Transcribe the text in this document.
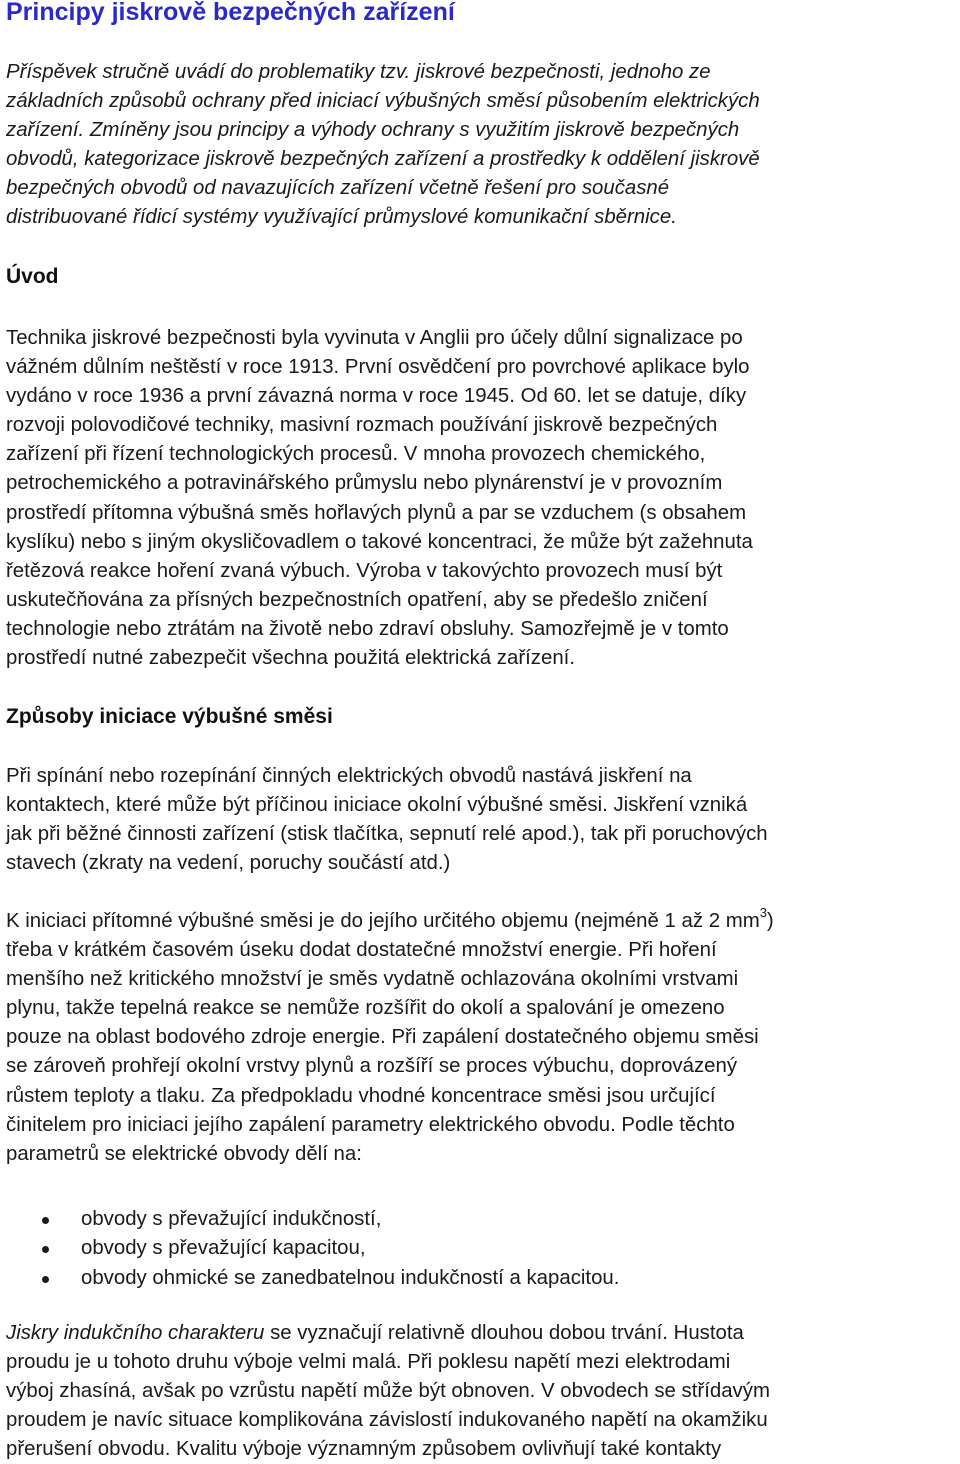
Principy jiskrově bezpečných zařízení
Příspěvek stručně uvádí do problematiky tzv. jiskrové bezpečnosti, jednoho ze
základních způsobů ochrany před iniciací výbušných směsí působením elektrických
zařízení. Zmíněny jsou principy a výhody ochrany s využitím jiskrově bezpečných
obvodů, kategorizace jiskrově bezpečných zařízení a prostředky k oddělení jiskrově
bezpečných obvodů od navazujících zařízení včetně řešení pro současné
distribuované řídicí systémy využívající průmyslové komunikační sběrnice.
Úvod
Technika jiskrové bezpečnosti byla vyvinuta v Anglii pro účely důlní signalizace po
vážném důlním neštěstí v roce 1913. První osvědčení pro povrchové aplikace bylo
vydáno v roce 1936 a první závazná norma v roce 1945. Od 60. let se datuje, díky
rozvoji polovodičové techniky, masivní rozmach používání jiskrově bezpečných
zařízení při řízení technologických procesů. V mnoha provozech chemického,
petrochemického a potravinářského průmyslu nebo plynárenství je v provozním
prostředí přítomna výbušná směs hořlavých plynů a par se vzduchem (s obsahem
kyslíku) nebo s jiným okysličovadlem o takové koncentraci, že může být zažehnuta
řetězová reakce hoření zvaná výbuch. Výroba v takovýchto provozech musí být
uskutečňována za přísných bezpečnostních opatření, aby se předešlo zničení
technologie nebo ztrátám na životě nebo zdraví obsluhy. Samozřejmě je v tomto
prostředí nutné zabezpečit všechna použitá elektrická zařízení.
Způsoby iniciace výbušné směsi
Při spínání nebo rozepínání činných elektrických obvodů nastává jiskření na
kontaktech, které může být příčinou iniciace okolní výbušné směsi. Jiskření vzniká
jak při běžné činnosti zařízení (stisk tlačítka, sepnutí relé apod.), tak při poruchových
stavech (zkraty na vedení, poruchy součástí atd.)
K iniciaci přítomné výbušné směsi je do jejího určitého objemu (nejméně 1 až 2 $mm^3$)
třeba v krátkém časovém úseku dodat dostatečné množství energie. Při hoření
menšího než kritického množství je směs vydatně ochlazována okolními vrstvami
plynu, takže tepelná reakce se nemůže rozšířit do okolí a spalování je omezeno
pouze na oblast bodového zdroje energie. Při zapálení dostatečného objemu směsi
se zároveň prohřejí okolní vrstvy plynů a rozšíří se proces výbuchu, doprovázený
růstem teploty a tlaku. Za předpokladu vhodné koncentrace směsi jsou určující
činitelem pro iniciaci jejího zapálení parametry elektrického obvodu. Podle těchto
parametrů se elektrické obvody dělí na:
obvody s převažující indukčností,
obvody s převažující kapacitou,
obvody ohmické se zanedbatelnou indukčností a kapacitou.
Jiskry indukčního charakteru se vyznačují relativně dlouhou dobou trvání. Hustota
proudu je u tohoto druhu výboje velmi malá. Při poklesu napětí mezi elektrodami
výboj zhasíná, avšak po vzrůstu napětí může být obnoven. V obvodech se střídavým
proudem je navíc situace komplikována závislostí indukovaného napětí na okamžiku
přerušení obvodu. Kvalitu výboje významným způsobem ovlivňují také kontakty
